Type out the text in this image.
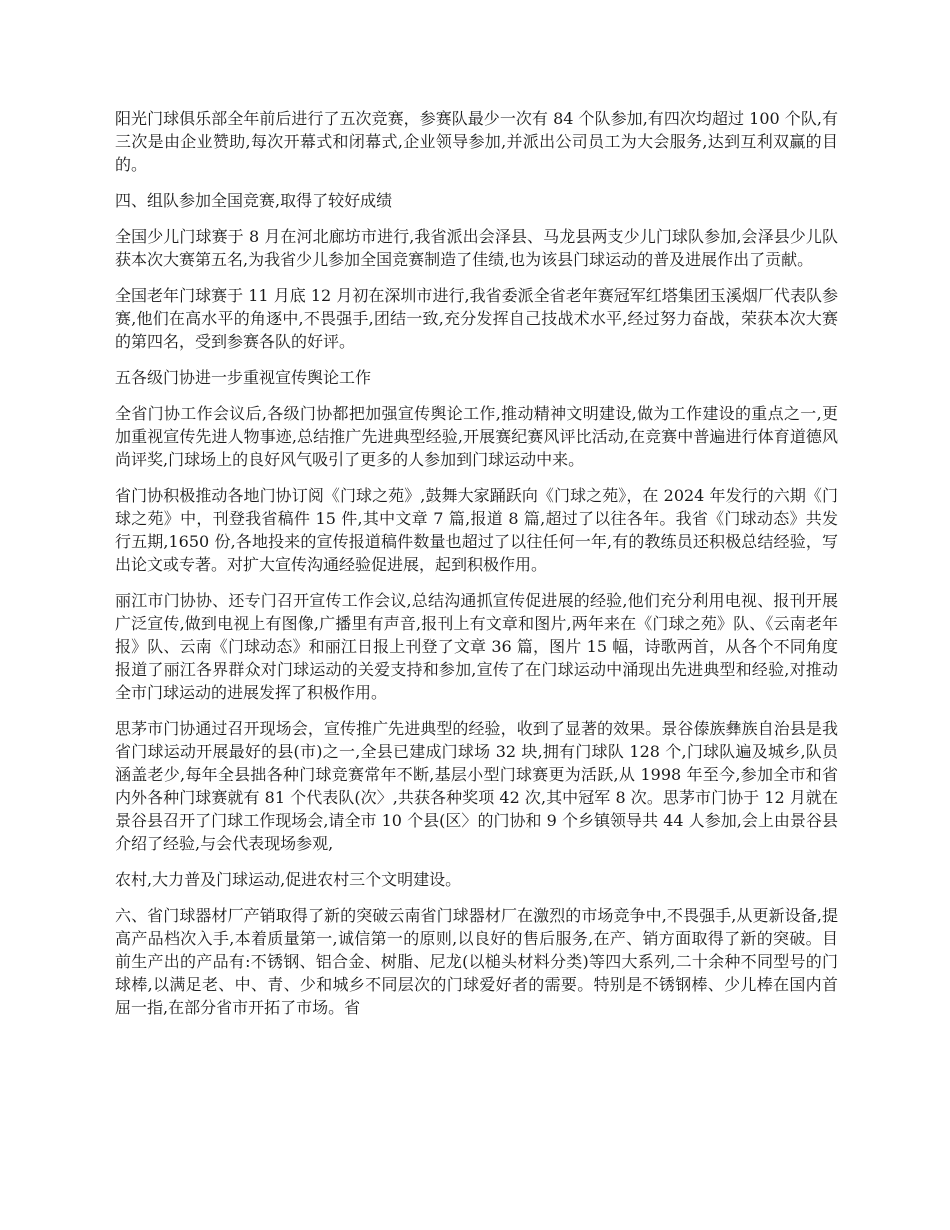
阳光门球俱乐部全年前后进行了五次竞赛，参赛队最少一次有 84 个队参加,有四次均超过 100 个队,有三次是由企业赞助,每次开幕式和闭幕式,企业领导参加,并派出公司员工为大会服务,达到互利双赢的目的。

四、组队参加全国竞赛,取得了较好成绩

全国少儿门球赛于 8 月在河北廊坊市进行,我省派出会泽县、马龙县两支少儿门球队参加,会泽县少儿队获本次大赛第五名,为我省少儿参加全国竞赛制造了佳绩,也为该县门球运动的普及进展作出了贡献。

全国老年门球赛于 11 月底 12 月初在深圳市进行,我省委派全省老年赛冠军红塔集团玉溪烟厂代表队参赛,他们在高水平的角逐中,不畏强手,团结一致,充分发挥自己技战术水平,经过努力奋战，荣获本次大赛的第四名，受到参赛各队的好评。

五各级门协进一步重视宣传舆论工作

全省门协工作会议后,各级门协都把加强宣传舆论工作,推动精神文明建设,做为工作建设的重点之一,更加重视宣传先进人物事迹,总结推广先进典型经验,开展赛纪赛风评比活动,在竞赛中普遍进行体育道德风尚评奖,门球场上的良好风气吸引了更多的人参加到门球运动中来。

省门协积极推动各地门协订阅《门球之苑》,鼓舞大家踊跃向《门球之苑》，在 2024 年发行的六期《门球之苑》中，刊登我省稿件 15 件,其中文章 7 篇,报道 8 篇,超过了以往各年。我省《门球动态》共发行五期,1650 份,各地投来的宣传报道稿件数量也超过了以往任何一年,有的教练员还积极总结经验，写出论文或专著。对扩大宣传沟通经验促进展，起到积极作用。

丽江市门协协、还专门召开宣传工作会议,总结沟通抓宣传促进展的经验,他们充分利用电视、报刊开展广泛宣传,做到电视上有图像,广播里有声音,报刊上有文章和图片,两年来在《门球之苑》队、《云南老年报》队、云南《门球动态》和丽江日报上刊登了文章 36 篇，图片 15 幅，诗歌两首，从各个不同角度报道了丽江各界群众对门球运动的关爱支持和参加,宣传了在门球运动中涌现出先进典型和经验,对推动全市门球运动的进展发挥了积极作用。

思茅市门协通过召开现场会，宣传推广先进典型的经验，收到了显著的效果。景谷傣族彝族自治县是我省门球运动开展最好的县(市)之一,全县已建成门球场 32 块,拥有门球队 128 个,门球队遍及城乡,队员涵盖老少,每年全县拙各种门球竞赛常年不断,基层小型门球赛更为活跃,从 1998 年至今,参加全市和省内外各种门球赛就有 81 个代表队(次〉,共获各种奖项 42 次,其中冠军 8 次。思茅市门协于 12 月就在景谷县召开了门球工作现场会,请全市 10 个县(区〉的门协和 9 个乡镇领导共 44 人参加,会上由景谷县介绍了经验,与会代表现场参观,

农村,大力普及门球运动,促进农村三个文明建设。

六、省门球器材厂产销取得了新的突破云南省门球器材厂在激烈的市场竞争中,不畏强手,从更新设备,提高产品档次入手,本着质量第一,诚信第一的原则,以良好的售后服务,在产、销方面取得了新的突破。目前生产出的产品有:不锈钢、铝合金、树脂、尼龙(以槌头材料分类)等四大系列,二十余种不同型号的门球棒,以满足老、中、青、少和城乡不同层次的门球爱好者的需要。特别是不锈钢棒、少儿棒在国内首屈一指,在部分省市开拓了市场。省
